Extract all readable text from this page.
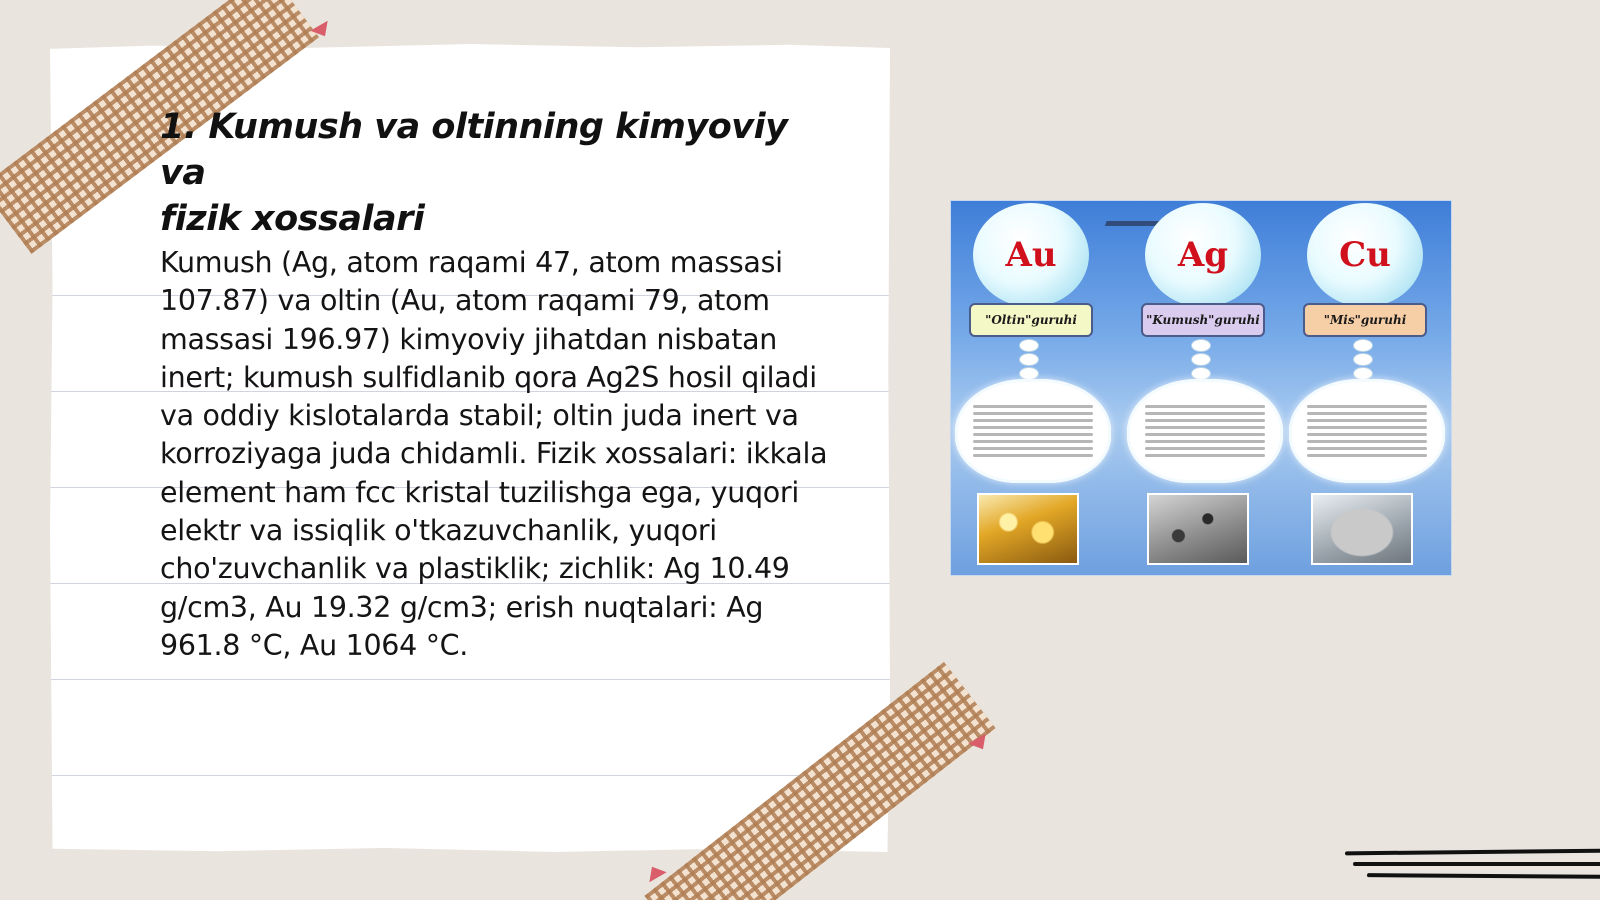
1. Kumush va oltinning kimyoviy va
fizik xossalari

Kumush (Ag, atom raqami 47, atom massasi 107.87) va oltin (Au, atom raqami 79, atom massasi 196.97) kimyoviy jihatdan nisbatan inert; kumush sulfidlanib qora Ag2S hosil qiladi va oddiy kislotalarda stabil; oltin juda inert va korroziyaga juda chidamli. Fizik xossalari: ikkala element ham fcc kristal tuzilishga ega, yuqori elektr va issiqlik o'tkazuvchanlik, yuqori cho'zuvchanlik va plastiklik; zichlik: Ag 10.49 g/cm3, Au 19.32 g/cm3; erish nuqtalari: Ag 961.8 °C, Au 1064 °C.

Au
"Oltin"guruhi
Ag
"Kumush"guruhi
Cu
"Mis"guruhi
